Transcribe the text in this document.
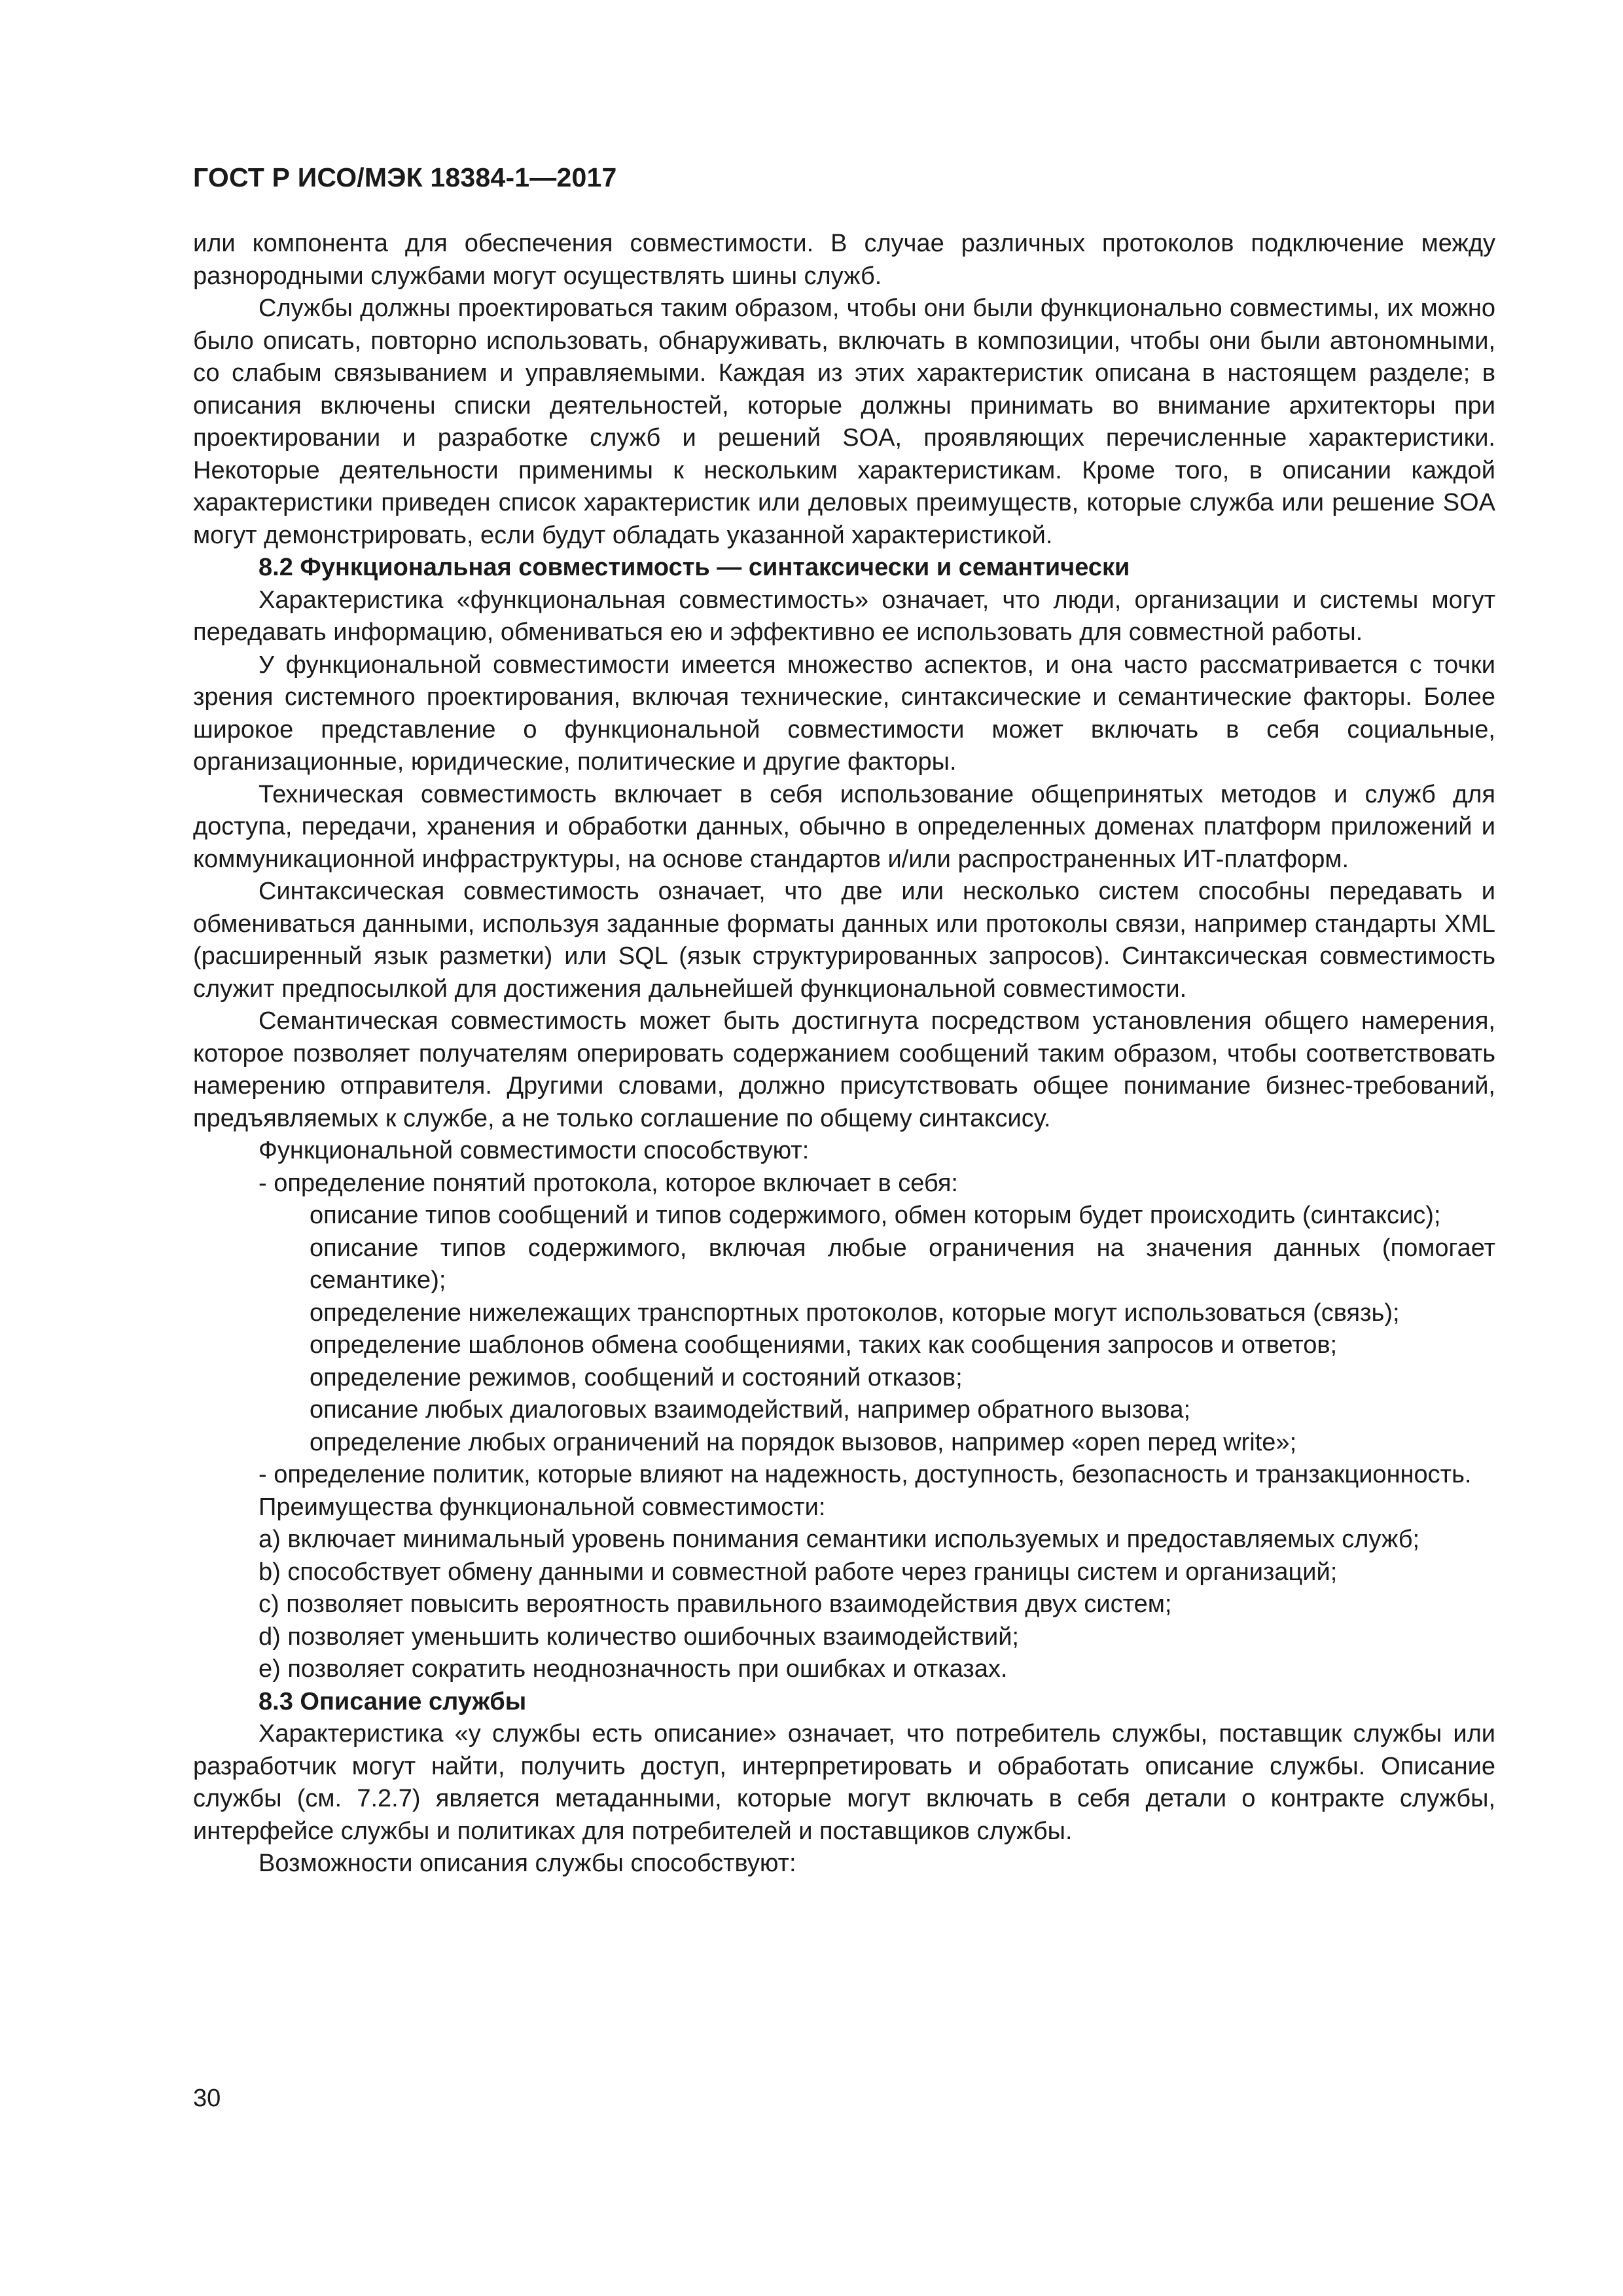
ГОСТ Р ИСО/МЭК 18384-1—2017

или компонента для обеспечения совместимости. В случае различных протоколов подключение между разнородными службами могут осуществлять шины служб.

Службы должны проектироваться таким образом, чтобы они были функционально совместимы, их можно было описать, повторно использовать, обнаруживать, включать в композиции, чтобы они были автономными, со слабым связыванием и управляемыми. Каждая из этих характеристик описана в настоящем разделе; в описания включены списки деятельностей, которые должны принимать во внимание архитекторы при проектировании и разработке служб и решений SOA, проявляющих перечисленные характеристики. Некоторые деятельности применимы к нескольким характеристикам. Кроме того, в описании каждой характеристики приведен список характеристик или деловых преимуществ, которые служба или решение SOA могут демонстрировать, если будут обладать указанной характеристикой.

8.2 Функциональная совместимость — синтаксически и семантически

Характеристика «функциональная совместимость» означает, что люди, организации и системы могут передавать информацию, обмениваться ею и эффективно ее использовать для совместной работы.

У функциональной совместимости имеется множество аспектов, и она часто рассматривается с точки зрения системного проектирования, включая технические, синтаксические и семантические факторы. Более широкое представление о функциональной совместимости может включать в себя социальные, организационные, юридические, политические и другие факторы.

Техническая совместимость включает в себя использование общепринятых методов и служб для доступа, передачи, хранения и обработки данных, обычно в определенных доменах платформ приложений и коммуникационной инфраструктуры, на основе стандартов и/или распространенных ИТ-платформ.

Синтаксическая совместимость означает, что две или несколько систем способны передавать и обмениваться данными, используя заданные форматы данных или протоколы связи, например стандарты XML (расширенный язык разметки) или SQL (язык структурированных запросов). Синтаксическая совместимость служит предпосылкой для достижения дальнейшей функциональной совместимости.

Семантическая совместимость может быть достигнута посредством установления общего намерения, которое позволяет получателям оперировать содержанием сообщений таким образом, чтобы соответствовать намерению отправителя. Другими словами, должно присутствовать общее понимание бизнес-требований, предъявляемых к службе, а не только соглашение по общему синтаксису.

Функциональной совместимости способствуют:

- определение понятий протокола, которое включает в себя:

описание типов сообщений и типов содержимого, обмен которым будет происходить (синтаксис);

описание типов содержимого, включая любые ограничения на значения данных (помогает семантике);

определение нижележащих транспортных протоколов, которые могут использоваться (связь);

определение шаблонов обмена сообщениями, таких как сообщения запросов и ответов;

определение режимов, сообщений и состояний отказов;

описание любых диалоговых взаимодействий, например обратного вызова;

определение любых ограничений на порядок вызовов, например «open перед write»;

- определение политик, которые влияют на надежность, доступность, безопасность и транзакционность.

Преимущества функциональной совместимости:

а) включает минимальный уровень понимания семантики используемых и предоставляемых служб;

b) способствует обмену данными и совместной работе через границы систем и организаций;

c) позволяет повысить вероятность правильного взаимодействия двух систем;

d) позволяет уменьшить количество ошибочных взаимодействий;

е) позволяет сократить неоднозначность при ошибках и отказах.

8.3 Описание службы

Характеристика «у службы есть описание» означает, что потребитель службы, поставщик службы или разработчик могут найти, получить доступ, интерпретировать и обработать описание службы. Описание службы (см. 7.2.7) является метаданными, которые могут включать в себя детали о контракте службы, интерфейсе службы и политиках для потребителей и поставщиков службы.

Возможности описания службы способствуют:

30
